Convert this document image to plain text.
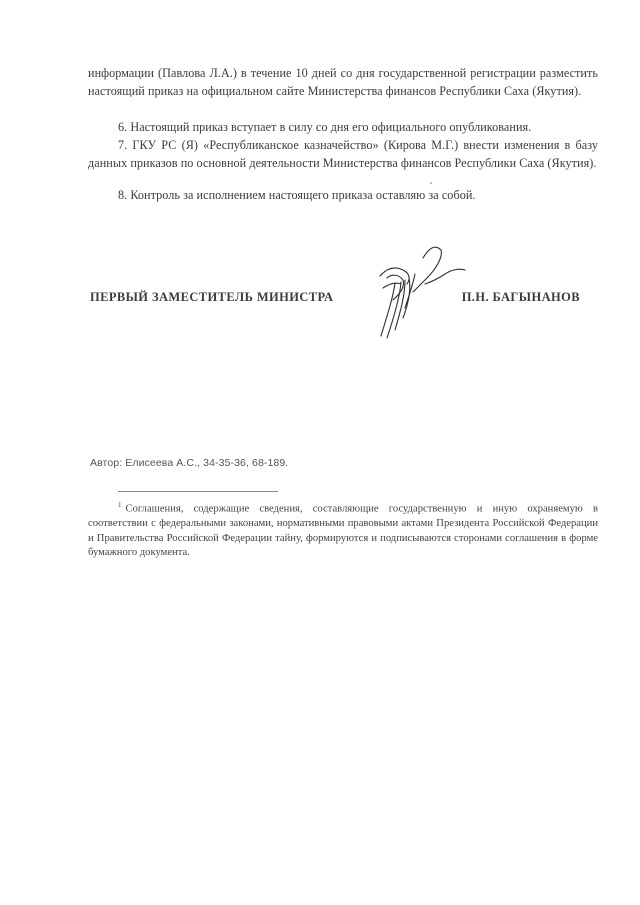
информации (Павлова Л.А.) в течение 10 дней со дня государственной регистрации разместить настоящий приказ на официальном сайте Министерства финансов Республики Саха (Якутия).
6. Настоящий приказ вступает в силу со дня его официального опубликования.
7. ГКУ РС (Я) «Республиканское казначейство» (Кирова М.Г.) внести изменения в базу данных приказов по основной деятельности Министерства финансов Республики Саха (Якутия).
8. Контроль за исполнением настоящего приказа оставляю за собой.
ПЕРВЫЙ ЗАМЕСТИТЕЛЬ МИНИСТРА	П.Н. БАГЫНАНОВ
Автор: Елисеева А.С., 34-35-36, 68-189.
$^1$ Соглашения, содержащие сведения, составляющие государственную и иную охраняемую в соответствии с федеральными законами, нормативными правовыми актами Президента Российской Федерации и Правительства Российской Федерации тайну, формируются и подписываются сторонами соглашения в форме бумажного документа.
